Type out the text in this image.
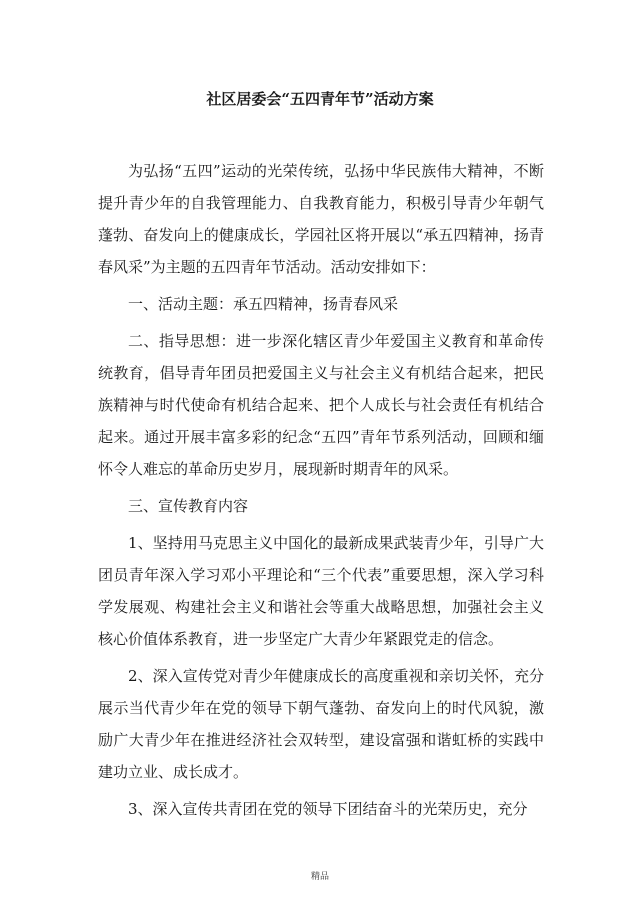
社区居委会“五四青年节”活动方案

为弘扬“五四”运动的光荣传统，弘扬中华民族伟大精神，不断提升青少年的自我管理能力、自我教育能力，积极引导青少年朝气蓬勃、奋发向上的健康成长，学园社区将开展以“承五四精神，扬青春风采”为主题的五四青年节活动。活动安排如下：

一、活动主题：承五四精神，扬青春风采

二、指导思想：进一步深化辖区青少年爱国主义教育和革命传统教育，倡导青年团员把爱国主义与社会主义有机结合起来，把民族精神与时代使命有机结合起来、把个人成长与社会责任有机结合起来。通过开展丰富多彩的纪念“五四”青年节系列活动，回顾和缅怀令人难忘的革命历史岁月，展现新时期青年的风采。

三、宣传教育内容

1、坚持用马克思主义中国化的最新成果武装青少年，引导广大团员青年深入学习邓小平理论和“三个代表”重要思想，深入学习科学发展观、构建社会主义和谐社会等重大战略思想，加强社会主义核心价值体系教育，进一步坚定广大青少年紧跟党走的信念。

2、深入宣传党对青少年健康成长的高度重视和亲切关怀，充分展示当代青少年在党的领导下朝气蓬勃、奋发向上的时代风貌，激励广大青少年在推进经济社会双转型，建设富强和谐虹桥的实践中建功立业、成长成才。

3、深入宣传共青团在党的领导下团结奋斗的光荣历史，充分

精品
